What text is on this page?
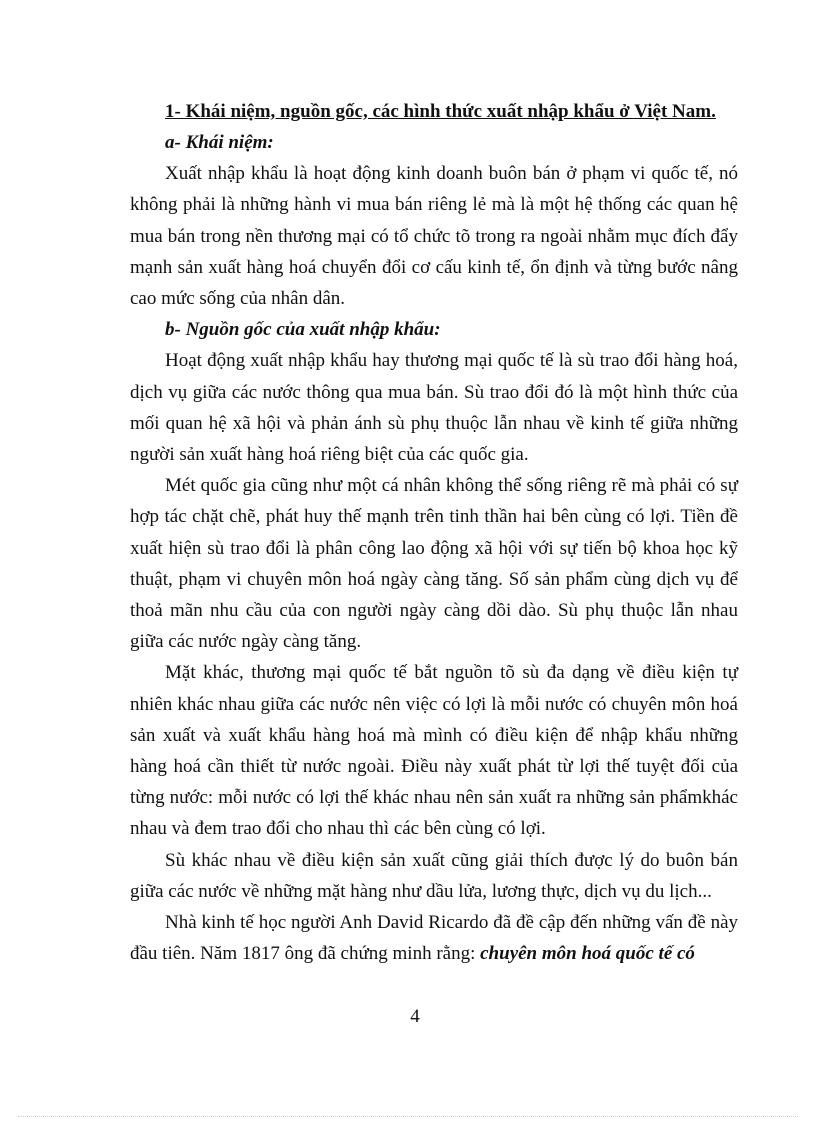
1- Khái niệm, nguồn gốc, các hình thức xuất nhập khẩu ở Việt Nam.

a- Khái niệm:

Xuất nhập khẩu là hoạt động kinh doanh buôn bán ở phạm vi quốc tế, nó không phải là những hành vi mua bán riêng lẻ mà là một hệ thống các quan hệ mua bán trong nền thương mại có tổ chức tõ trong ra ngoài nhằm mục đích đẩy mạnh sản xuất hàng hoá chuyển đổi cơ cấu kinh tế, ổn định và từng bước nâng cao mức sống của nhân dân.

b- Nguồn gốc của xuất nhập khẩu:

Hoạt động xuất nhập khẩu hay thương mại quốc tế là sù trao đổi hàng hoá, dịch vụ giữa các nước thông qua mua bán. Sù trao đổi đó là một hình thức của mối quan hệ xã hội và phản ánh sù phụ thuộc lẫn nhau về kinh tế giữa những người sản xuất hàng hoá riêng biệt của các quốc gia.

Mét quốc gia cũng như một cá nhân không thể sống riêng rẽ mà phải có sự hợp tác chặt chẽ, phát huy thế mạnh trên tinh thần hai bên cùng có lợi. Tiền đề xuất hiện sù trao đổi là phân công lao động xã hội với sự tiến bộ khoa học kỹ thuật, phạm vi chuyên môn hoá ngày càng tăng. Số sản phẩm cùng dịch vụ để thoả mãn nhu cầu của con người ngày càng dồi dào. Sù phụ thuộc lẫn nhau giữa các nước ngày càng tăng.

Mặt khác, thương mại quốc tế bắt nguồn tõ sù đa dạng về điều kiện tự nhiên khác nhau giữa các nước nên việc có lợi là mỗi nước có chuyên môn hoá sản xuất và xuất khẩu hàng hoá mà mình có điều kiện để nhập khẩu những hàng hoá cần thiết từ nước ngoài. Điều này xuất phát từ lợi thế tuyệt đối của từng nước: mỗi nước có lợi thế khác nhau nên sản xuất ra những sản phẩmkhác nhau và đem trao đổi cho nhau thì các bên cùng có lợi.

Sù khác nhau về điều kiện sản xuất cũng giải thích được lý do buôn bán giữa các nước về những mặt hàng như dầu lửa, lương thực, dịch vụ du lịch...

Nhà kinh tế học người Anh David Ricardo đã đề cập đến những vấn đề này đầu tiên. Năm 1817 ông đã chứng minh rằng: chuyên môn hoá quốc tế có

4
